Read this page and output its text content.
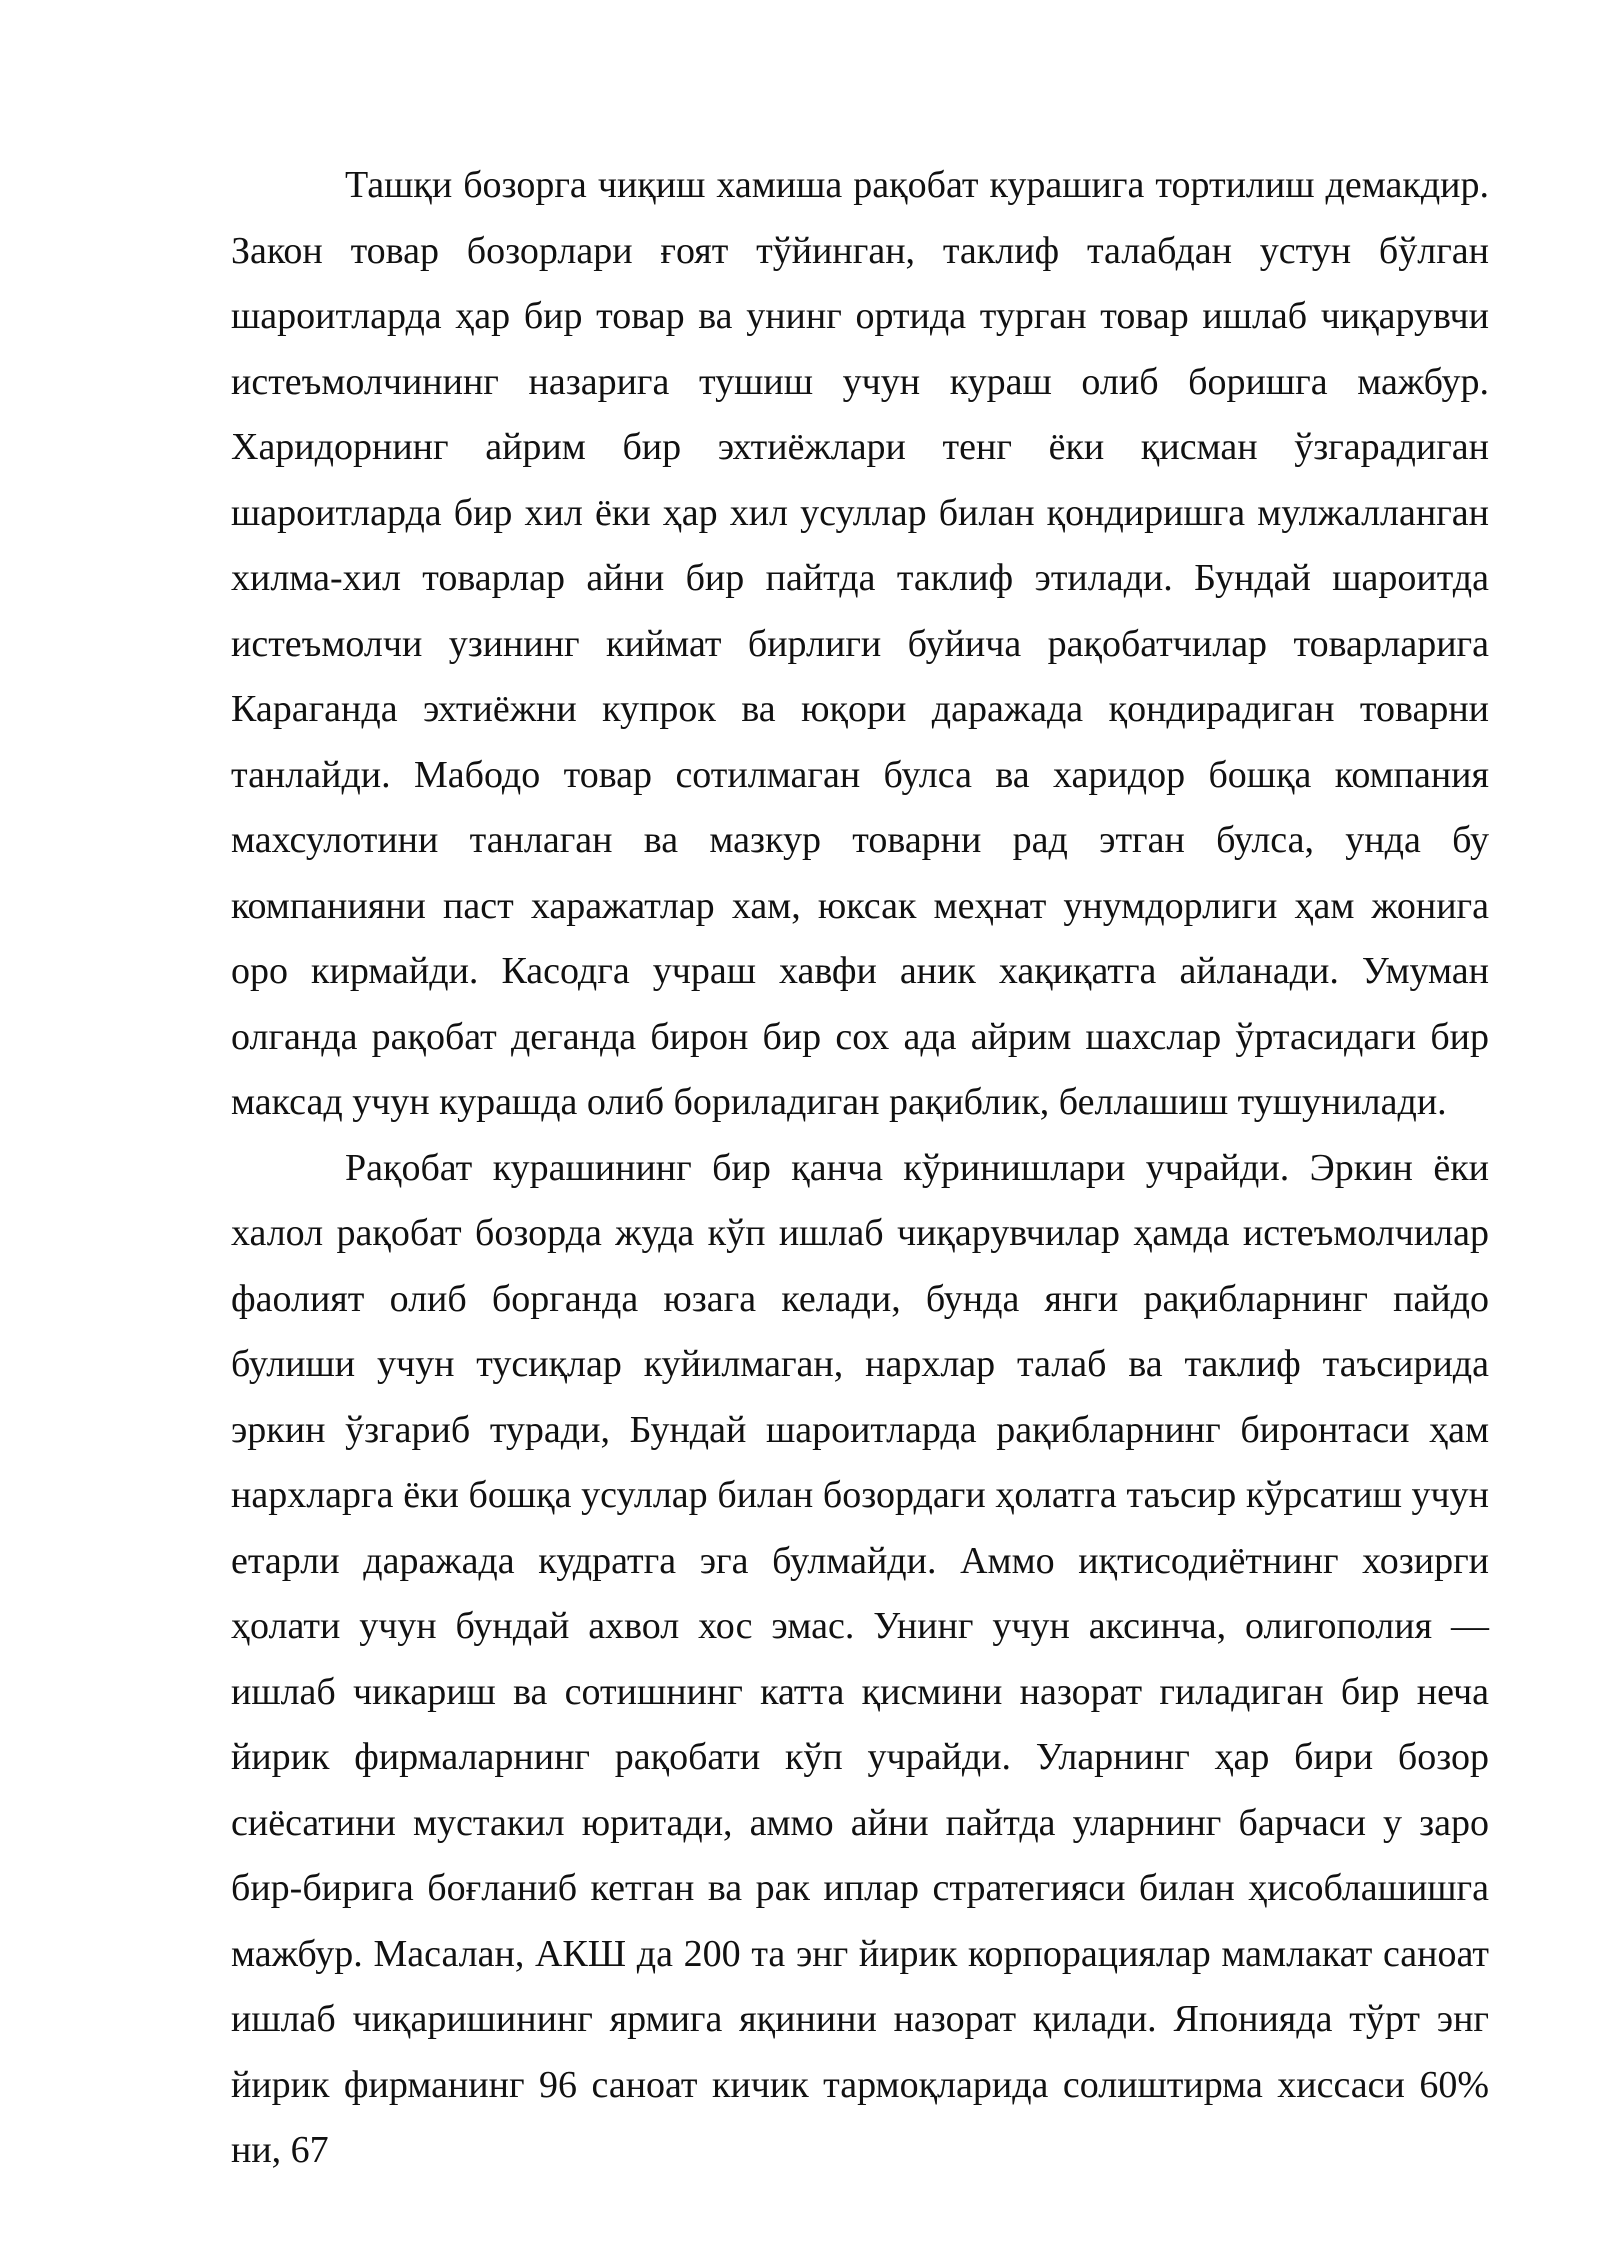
Ташқи бозорга чиқиш хамиша рақобат курашига тортилиш демакдир. Закон товар бозорлари ғоят тўйинган, таклиф талабдан устун бўлган шароитларда ҳар бир товар ва унинг ортида турган товар ишлаб чиқарувчи истеъмолчининг назарига тушиш учун кураш олиб боришга мажбур. Харидорнинг айрим бир эхтиёжлари тенг ёки қисман ўзгарадиган шароитларда бир хил ёки ҳар хил усуллар билан қондиришга мулжалланган хилма-хил товарлар айни бир пайтда таклиф этилади. Бундай шароитда истеъмолчи узининг киймат бирлиги буйича рақобатчилар товарларига Караганда эхтиёжни купрок ва юқори даражада қондирадиган товарни танлайди. Мабодо товар сотилмаган булса ва харидор бошқа компания махсулотини танлаган ва мазкур товарни рад этган булса, унда бу компанияни паст харажатлар хам, юксак меҳнат унумдорлиги ҳам жонига оро кирмайди. Касодга учраш хавфи аник хақиқатга айланади. Умуман олганда рақобат деганда бирон бир сох ада айрим шахслар ўртасидаги бир максад учун курашда олиб бориладиган рақиблик, беллашиш тушунилади.

Рақобат курашининг бир қанча кўринишлари учрайди. Эркин ёки халол рақобат бозорда жуда кўп ишлаб чиқарувчилар ҳамда истеъмолчилар фаолият олиб борганда юзага келади, бунда янги рақибларнинг пайдо булиши учун тусиқлар куйилмаган, нархлар талаб ва таклиф таъсирида эркин ўзгариб туради, Бундай шароитларда рақибларнинг биронтаси ҳам нархларга ёки бошқа усуллар билан бозордаги ҳолатга таъсир кўрсатиш учун етарли даражада кудратга эга булмайди. Аммо иқтисодиётнинг хозирги ҳолати учун бундай ахвол хос эмас. Унинг учун аксинча, олигополия — ишлаб чикариш ва сотишнинг катта қисмини назорат гиладиган бир неча йирик фирмаларнинг рақобати кўп учрайди. Уларнинг ҳар бири бозор сиёсатини мустакил юритади, аммо айни пайтда уларнинг барчаси у заро бир-бирига боғланиб кетган ва рак иплар стратегияси билан ҳисоблашишга мажбур. Масалан, АКШ да 200 та энг йирик корпорациялар мамлакат саноат ишлаб чиқаришининг ярмига яқинини назорат қилади. Японияда тўрт энг йирик фирманинг 96 саноат кичик тармоқларида солиштирма хиссаси 60% ни, 67
